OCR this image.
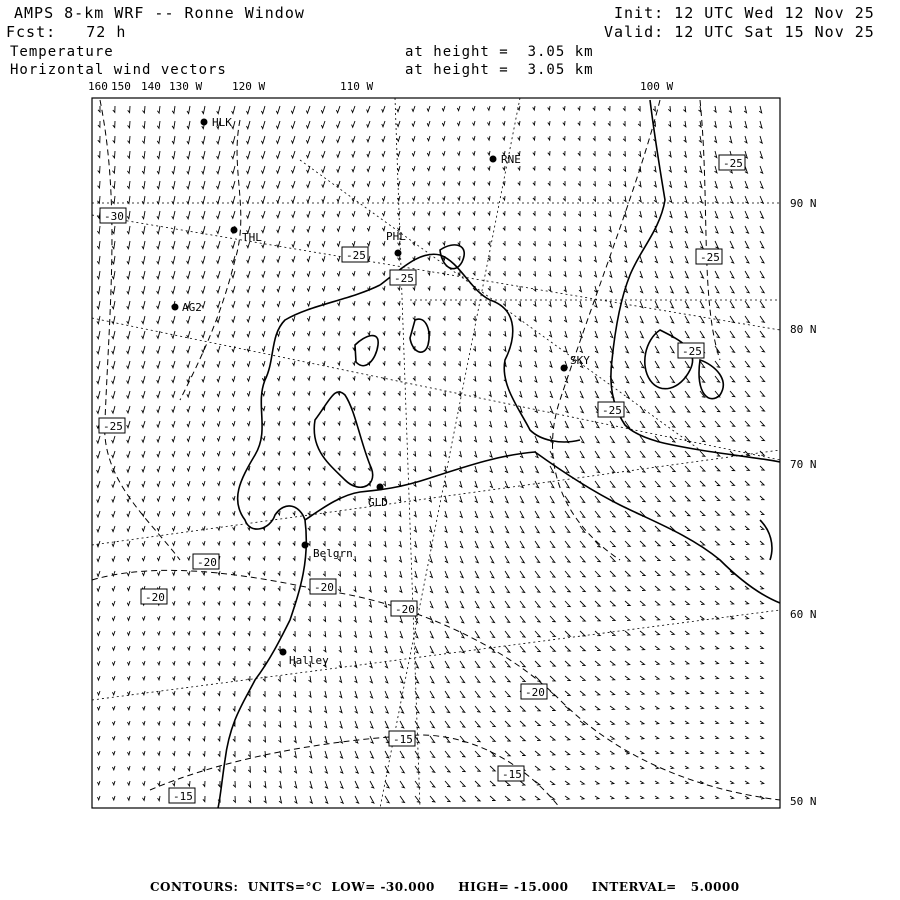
AMPS 8-km WRF -- Ronne Window
Fcst:   72 h
Init: 12 UTC Wed 12 Nov 25
Valid: 12 UTC Sat 15 Nov 25
Temperature
Horizontal wind vectors
at height =  3.05 km
at height =  3.05 km
160 150 140 130 W	120 W	110 W	100 W
90 N
80 N
70 N
60 N
50 N
HLK
RNE
THL	PHL
AG2
SKY
GLD
Belgrn
Halley
-30
-25
-25
-25
-25
-25
-25
-25
-20
-20
-20
-20
-20
-15
-15
-15
CONTOURS:  UNITS=°C  LOW= -30.000     HIGH= -15.000     INTERVAL=   5.0000
